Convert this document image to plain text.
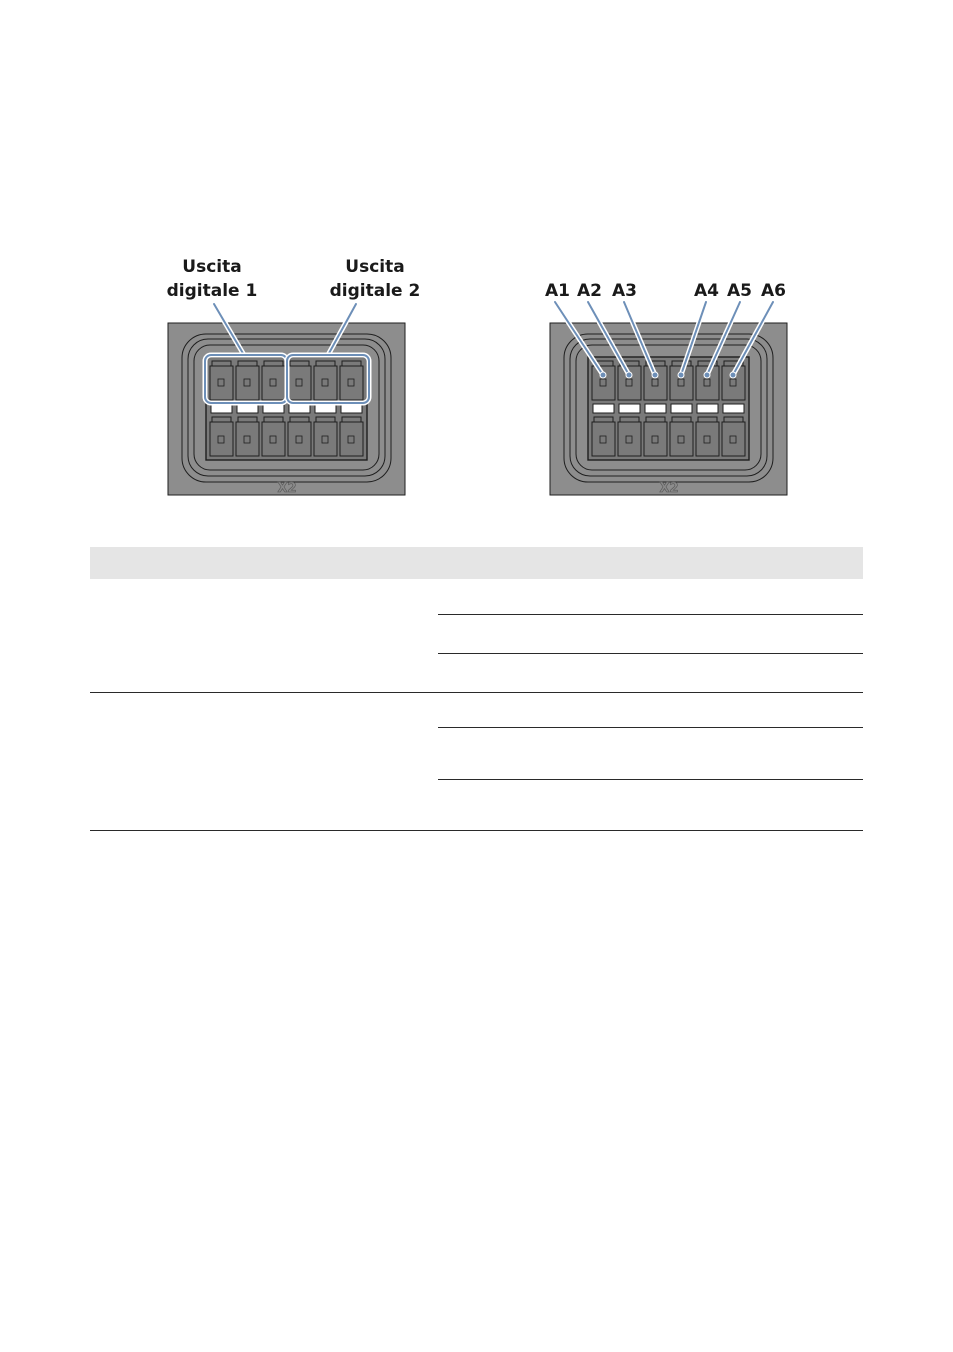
Uscita
digitale 1
Uscita
digitale 2	A1 A2 A3	A4 A5 A6
X2	X2
